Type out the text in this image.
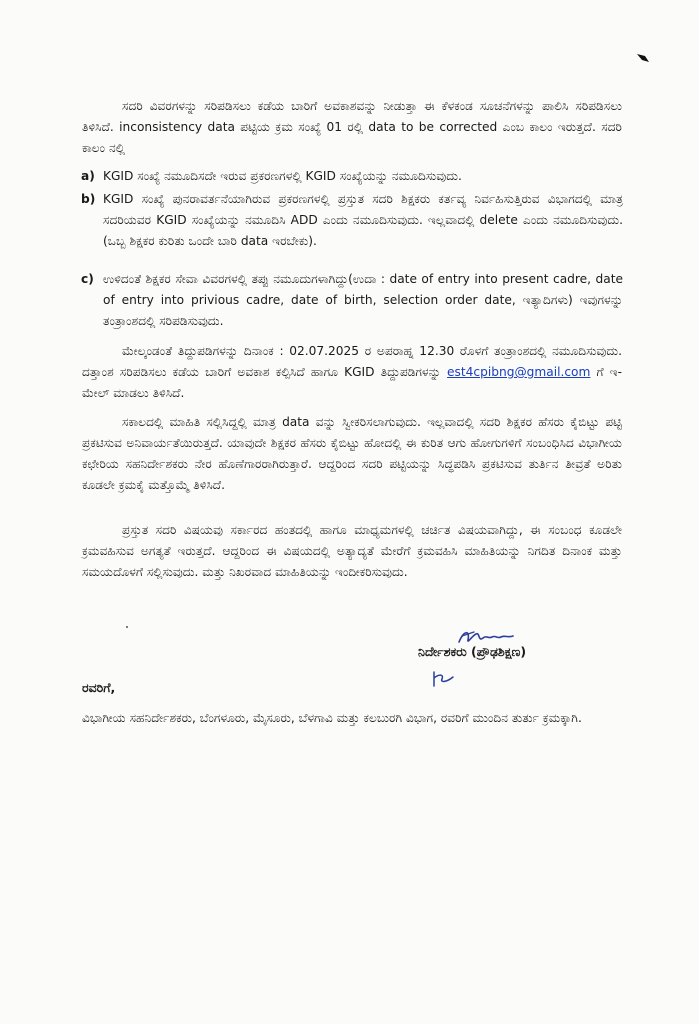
ಸದರಿ ವಿವರಗಳನ್ನು ಸರಿಪಡಿಸಲು ಕಡೆಯ ಬಾರಿಗೆ ಅವಕಾಶವನ್ನು ನೀಡುತ್ತಾ ಈ ಕೆಳಕಂಡ ಸೂಚನೆಗಳನ್ನು ಪಾಲಿಸಿ ಸರಿಪಡಿಸಲು ತಿಳಿಸಿದೆ. inconsistency data ಪಟ್ಟಿಯ ಕ್ರಮ ಸಂಖ್ಯೆ 01 ರಲ್ಲಿ data to be corrected ಎಂಬ ಕಾಲಂ ಇರುತ್ತದೆ. ಸದರಿ ಕಾಲಂ ನಲ್ಲಿ

a) KGID ಸಂಖ್ಯೆ ನಮೂದಿಸದೇ ಇರುವ ಪ್ರಕರಣಗಳಲ್ಲಿ KGID ಸಂಖ್ಯೆಯನ್ನು ನಮೂದಿಸುವುದು.
b) KGID ಸಂಖ್ಯೆ ಪುನರಾವರ್ತನೆಯಾಗಿರುವ ಪ್ರಕರಣಗಳಲ್ಲಿ ಪ್ರಸ್ತುತ ಸದರಿ ಶಿಕ್ಷಕರು ಕರ್ತವ್ಯ ನಿರ್ವಹಿಸುತ್ತಿರುವ ವಿಭಾಗದಲ್ಲಿ ಮಾತ್ರ ಸದರಿಯವರ KGID ಸಂಖ್ಯೆಯನ್ನು ನಮೂದಿಸಿ ADD ಎಂದು ನಮೂದಿಸುವುದು. ಇಲ್ಲವಾದಲ್ಲಿ delete ಎಂದು ನಮೂದಿಸುವುದು. (ಒಬ್ಬ ಶಿಕ್ಷಕರ ಕುರಿತು ಒಂದೇ ಬಾರಿ data ಇರಬೇಕು).
c) ಉಳಿದಂತೆ ಶಿಕ್ಷಕರ ಸೇವಾ ವಿವರಗಳಲ್ಲಿ ತಪ್ಪು ನಮೂದುಗಳಾಗಿದ್ದು(ಉದಾ : date of entry into present cadre, date of entry into privious cadre, date of birth, selection order date, ಇತ್ಯಾದಿಗಳು) ಇವುಗಳನ್ನು ತಂತ್ರಾಂಶದಲ್ಲಿ ಸರಿಪಡಿಸುವುದು.

ಮೇಲ್ಕಂಡಂತೆ ತಿದ್ದುಪಡಿಗಳನ್ನು ದಿನಾಂಕ : 02.07.2025 ರ ಅಪರಾಹ್ನ 12.30 ರೊಳಗೆ ತಂತ್ರಾಂಶದಲ್ಲಿ ನಮೂದಿಸುವುದು. ದತ್ತಾಂಶ ಸರಿಪಡಿಸಲು ಕಡೆಯ ಬಾರಿಗೆ ಅವಕಾಶ ಕಲ್ಪಿಸಿದೆ ಹಾಗೂ KGID ತಿದ್ದುಪಡಿಗಳನ್ನು est4cpibng@gmail.com ಗೆ ಇ-ಮೇಲ್ ಮಾಡಲು ತಿಳಿಸಿದೆ.

ಸಕಾಲದಲ್ಲಿ ಮಾಹಿತಿ ಸಲ್ಲಿಸಿದ್ದಲ್ಲಿ ಮಾತ್ರ data ವನ್ನು ಸ್ವೀಕರಿಸಲಾಗುವುದು. ಇಲ್ಲವಾದಲ್ಲಿ ಸದರಿ ಶಿಕ್ಷಕರ ಹೆಸರು ಕೈಬಿಟ್ಟು ಪಟ್ಟಿ ಪ್ರಕಟಿಸುವ ಅನಿವಾರ್ಯತೆಯಿರುತ್ತದೆ. ಯಾವುದೇ ಶಿಕ್ಷಕರ ಹೆಸರು ಕೈಬಿಟ್ಟು ಹೋದಲ್ಲಿ ಈ ಕುರಿತ ಆಗು ಹೋಗುಗಳಿಗೆ ಸಂಬಂಧಿಸಿದ ವಿಭಾಗೀಯ ಕಛೇರಿಯ ಸಹನಿರ್ದೇಶಕರು ನೇರ ಹೊಣೆಗಾರರಾಗಿರುತ್ತಾರೆ. ಆದ್ದರಿಂದ ಸದರಿ ಪಟ್ಟಿಯನ್ನು ಸಿದ್ಧಪಡಿಸಿ ಪ್ರಕಟಿಸುವ ತುರ್ತಿನ ತೀವ್ರತೆ ಅರಿತು ಕೂಡಲೇ ಕ್ರಮಕೈ ಮತ್ತೊಮ್ಮೆ ತಿಳಿಸಿದೆ.

ಪ್ರಸ್ತುತ ಸದರಿ ವಿಷಯವು ಸರ್ಕಾರದ ಹಂತದಲ್ಲಿ ಹಾಗೂ ಮಾಧ್ಯಮಗಳಲ್ಲಿ ಚರ್ಚಿತ ವಿಷಯವಾಗಿದ್ದು, ಈ ಸಂಬಂಧ ಕೂಡಲೇ ಕ್ರಮವಹಿಸುವ ಅಗತ್ಯತೆ ಇರುತ್ತದೆ. ಆದ್ದರಿಂದ ಈ ವಿಷಯದಲ್ಲಿ ಅತ್ಯಾದ್ಯತೆ ಮೇರೆಗೆ ಕ್ರಮವಹಿಸಿ ಮಾಹಿತಿಯನ್ನು ನಿಗದಿತ ದಿನಾಂಕ ಮತ್ತು ಸಮಯದೊಳಗೆ ಸಲ್ಲಿಸುವುದು. ಮತ್ತು ನಿಖರವಾದ ಮಾಹಿತಿಯನ್ನು ಇಂದೀಕರಿಸುವುದು.

ನಿರ್ದೇಶಕರು (ಪ್ರೌಢಶಿಕ್ಷಣ)
ರವರಿಗೆ,

ವಿಭಾಗೀಯ ಸಹನಿರ್ದೇಶಕರು, ಬೆಂಗಳೂರು, ಮೈಸೂರು, ಬೆಳಗಾವಿ ಮತ್ತು ಕಲಬುರಗಿ ವಿಭಾಗ, ರವರಿಗೆ ಮುಂದಿನ ತುರ್ತು ಕ್ರಮಕ್ಕಾಗಿ.
